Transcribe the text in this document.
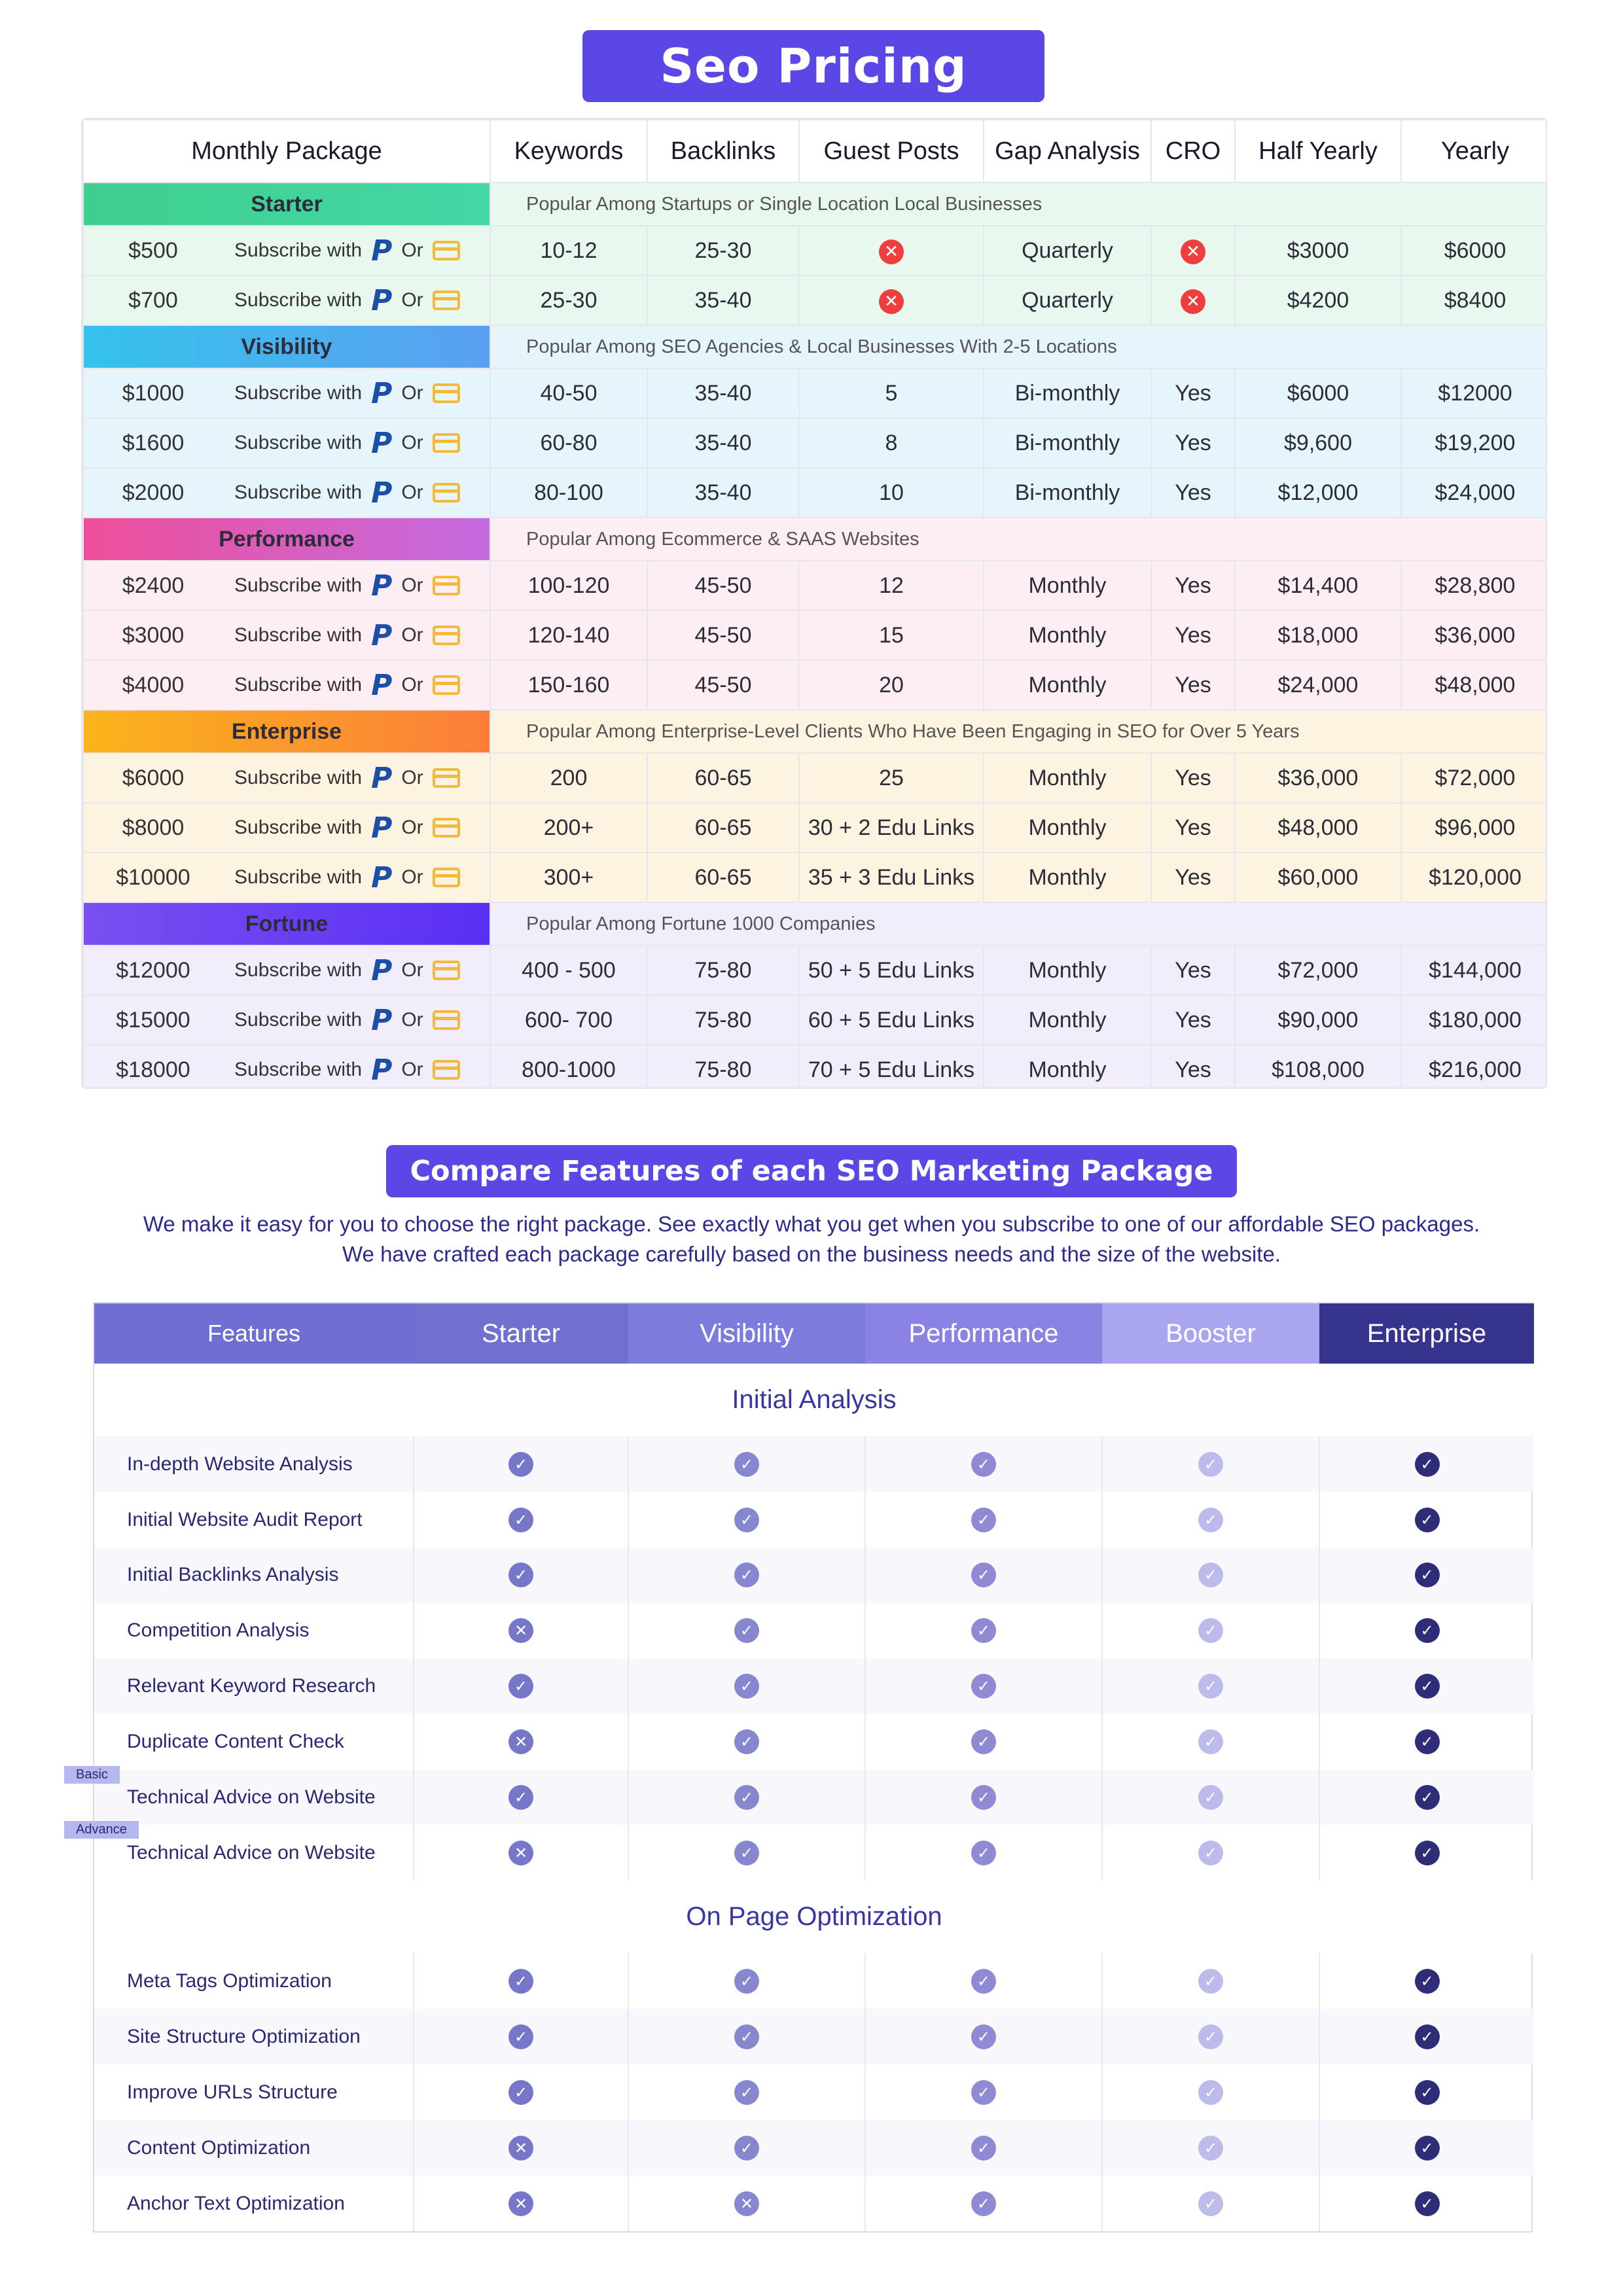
Seo Pricing
Monthly Package	Keywords	Backlinks	Guest Posts	Gap Analysis	CRO	Half Yearly	Yearly
Starter	Popular Among Startups or Single Location Local Businesses						

$500 Subscribe with P Or	10-12	25-30	✕	Quarterly	✕	$3000	$6000

$700 Subscribe with P Or	25-30	35-40	✕	Quarterly	✕	$4200	$8400
Visibility	Popular Among SEO Agencies & Local Businesses With 2-5 Locations						

$1000 Subscribe with P Or	40-50	35-40	5	Bi-monthly	Yes	$6000	$12000

$1600 Subscribe with P Or	60-80	35-40	8	Bi-monthly	Yes	$9,600	$19,200

$2000 Subscribe with P Or	80-100	35-40	10	Bi-monthly	Yes	$12,000	$24,000
Performance	Popular Among Ecommerce & SAAS Websites						

$2400 Subscribe with P Or	100-120	45-50	12	Monthly	Yes	$14,400	$28,800

$3000 Subscribe with P Or	120-140	45-50	15	Monthly	Yes	$18,000	$36,000

$4000 Subscribe with P Or	150-160	45-50	20	Monthly	Yes	$24,000	$48,000
Enterprise	Popular Among Enterprise-Level Clients Who Have Been Engaging in SEO for Over 5 Years						

$6000 Subscribe with P Or	200	60-65	25	Monthly	Yes	$36,000	$72,000

$8000 Subscribe with P Or	200+	60-65	30 + 2 Edu Links	Monthly	Yes	$48,000	$96,000

$10000 Subscribe with P Or	300+	60-65	35 + 3 Edu Links	Monthly	Yes	$60,000	$120,000
Fortune	Popular Among Fortune 1000 Companies						

$12000 Subscribe with P Or	400 - 500	75-80	50 + 5 Edu Links	Monthly	Yes	$72,000	$144,000

$15000 Subscribe with P Or	600- 700	75-80	60 + 5 Edu Links	Monthly	Yes	$90,000	$180,000

$18000 Subscribe with P Or	800-1000	75-80	70 + 5 Edu Links	Monthly	Yes	$108,000	$216,000
Compare Features of each SEO Marketing Package
We make it easy for you to choose the right package. See exactly what you get when you subscribe to one of our affordable SEO packages. We have crafted each package carefully based on the business needs and the size of the website.
Features	Starter	Visibility	Performance	Booster	Enterprise
Initial Analysis					
In-depth Website Analysis	✓	✓	✓	✓	✓
Initial Website Audit Report	✓	✓	✓	✓	✓
Initial Backlinks Analysis	✓	✓	✓	✓	✓
Competition Analysis	✕	✓	✓	✓	✓
Relevant Keyword Research	✓	✓	✓	✓	✓
Duplicate Content Check	✕	✓	✓	✓	✓

Basic
Technical Advice on Website	✓	✓	✓	✓	✓

Advance
Technical Advice on Website	✕	✓	✓	✓	✓
On Page Optimization					
Meta Tags Optimization	✓	✓	✓	✓	✓
Site Structure Optimization	✓	✓	✓	✓	✓
Improve URLs Structure	✓	✓	✓	✓	✓
Content Optimization	✕	✓	✓	✓	✓
Anchor Text Optimization	✕	✕	✓	✓	✓
